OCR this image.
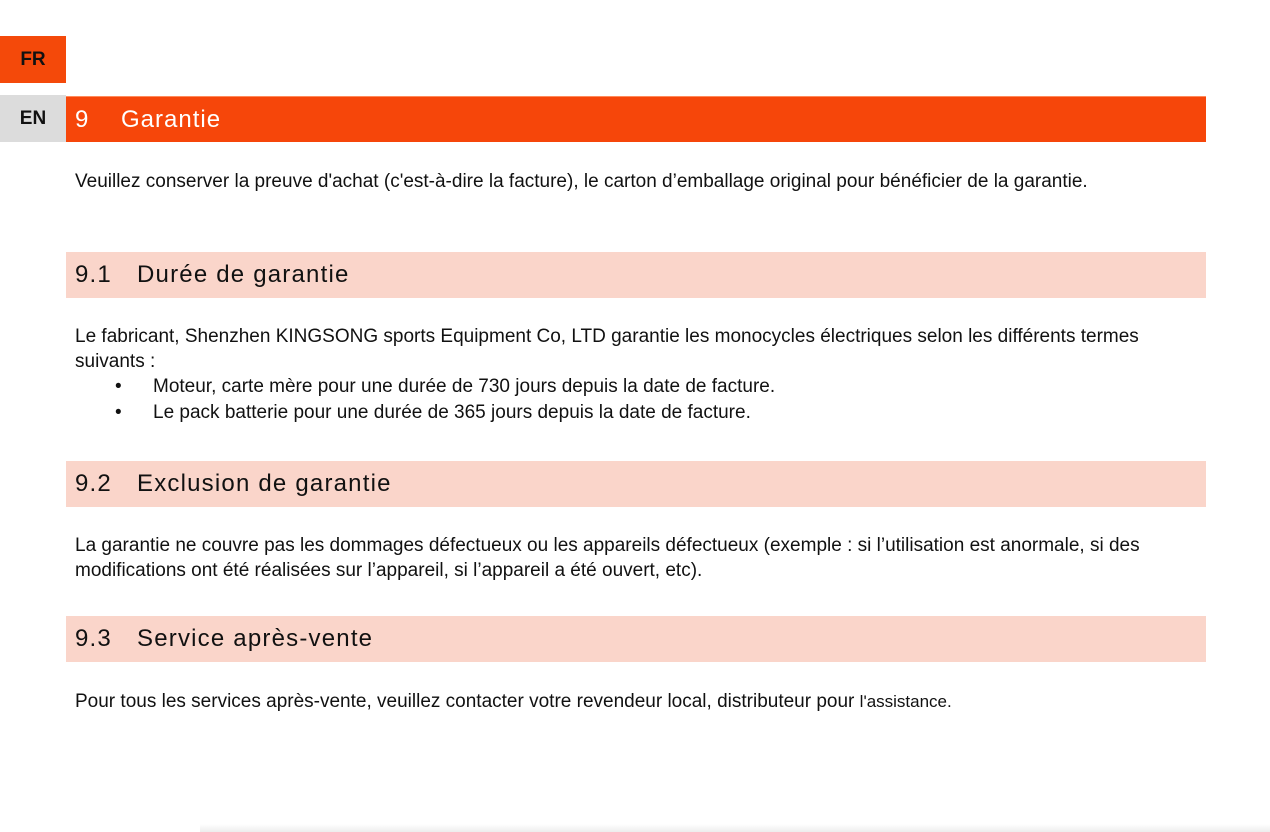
FR
EN 9	Garantie

Veuillez conserver la preuve d'achat (c'est-à-dire la facture), le carton d’emballage original pour bénéficier de la garantie.

9.1	Durée de garantie

Le fabricant, Shenzhen KINGSONG sports Equipment Co, LTD garantie les monocycles électriques selon les différents termes suivants :

• Moteur, carte mère pour une durée de 730 jours depuis la date de facture.
• Le pack batterie pour une durée de 365 jours depuis la date de facture.
9.2	Exclusion de garantie

La garantie ne couvre pas les dommages défectueux ou les appareils défectueux (exemple : si l’utilisation est anormale, si des modifications ont été réalisées sur l’appareil, si l’appareil a été ouvert, etc).

9.3	Service après-vente

Pour tous les services après-vente, veuillez contacter votre revendeur local, distributeur pour l'assistance.
